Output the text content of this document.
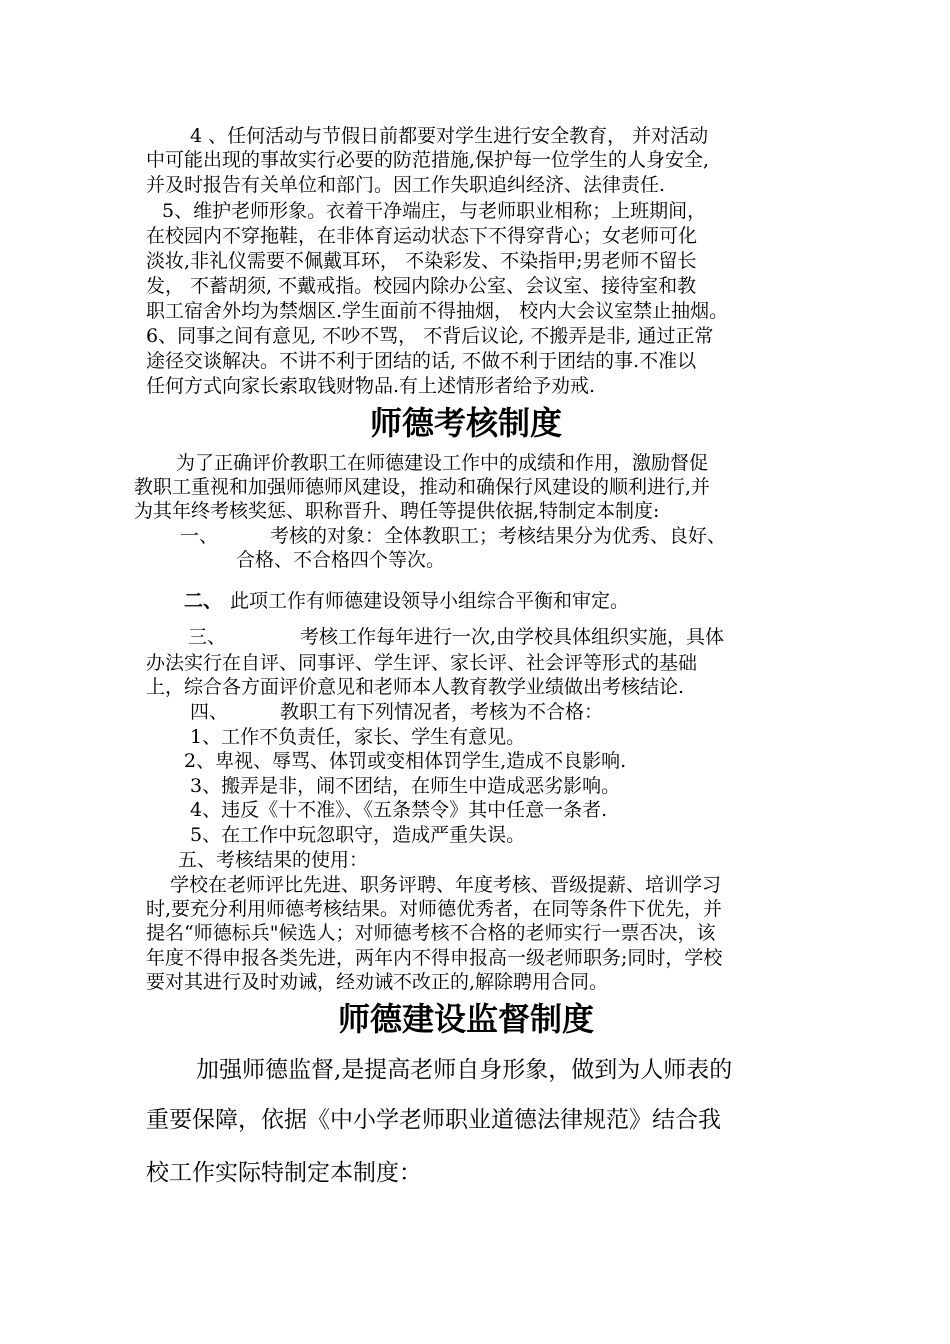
4 、任何活动与节假日前都要对学生进行安全教育， 并对活动
中可能出现的事故实行必要的防范措施,保护每一位学生的人身安全,
并及时报告有关单位和部门。因工作失职追纠经济、法律责任.
5、维护老师形象。衣着干净端庄，与老师职业相称；上班期间，
在校园内不穿拖鞋，在非体育运动状态下不得穿背心；女老师可化
淡妆,非礼仪需要不佩戴耳环， 不染彩发、不染指甲;男老师不留长
发， 不蓄胡须, 不戴戒指。校园内除办公室、会议室、接待室和教
职工宿舍外均为禁烟区.学生面前不得抽烟， 校内大会议室禁止抽烟。
6、同事之间有意见, 不吵不骂， 不背后议论, 不搬弄是非, 通过正常
途径交谈解决。不讲不利于团结的话, 不做不利于团结的事.不准以
任何方式向家长索取钱财物品.有上述情形者给予劝戒.
师德考核制度
为了正确评价教职工在师德建设工作中的成绩和作用，激励督促
教职工重视和加强师德师风建设，推动和确保行风建设的顺利进行,并
为其年终考核奖惩、职称晋升、聘任等提供依据,特制定本制度:
一、	考核的对象：全体教职工；考核结果分为优秀、良好、
合格、不合格四个等次。
二、 此项工作有师德建设领导小组综合平衡和审定。
三、	考核工作每年进行一次,由学校具体组织实施，具体
办法实行在自评、同事评、学生评、家长评、社会评等形式的基础
上，综合各方面评价意见和老师本人教育教学业绩做出考核结论.
四、	教职工有下列情况者，考核为不合格：
1、工作不负责任，家长、学生有意见。
2、卑视、辱骂、体罚或变相体罚学生,造成不良影响.
3、搬弄是非，闹不团结，在师生中造成恶劣影响。
4、违反《十不准》、《五条禁令》其中任意一条者.
5、在工作中玩忽职守，造成严重失误。
五、考核结果的使用：
学校在老师评比先进、职务评聘、年度考核、晋级提薪、培训学习
时,要充分利用师德考核结果。对师德优秀者，在同等条件下优先，并
提名“师德标兵"候选人；对师德考核不合格的老师实行一票否决，该
年度不得申报各类先进，两年内不得申报高一级老师职务;同时，学校
要对其进行及时劝诫，经劝诫不改正的,解除聘用合同。
师德建设监督制度
加强师德监督,是提高老师自身形象，做到为人师表的
重要保障，依据《中小学老师职业道德法律规范》结合我
校工作实际特制定本制度：
